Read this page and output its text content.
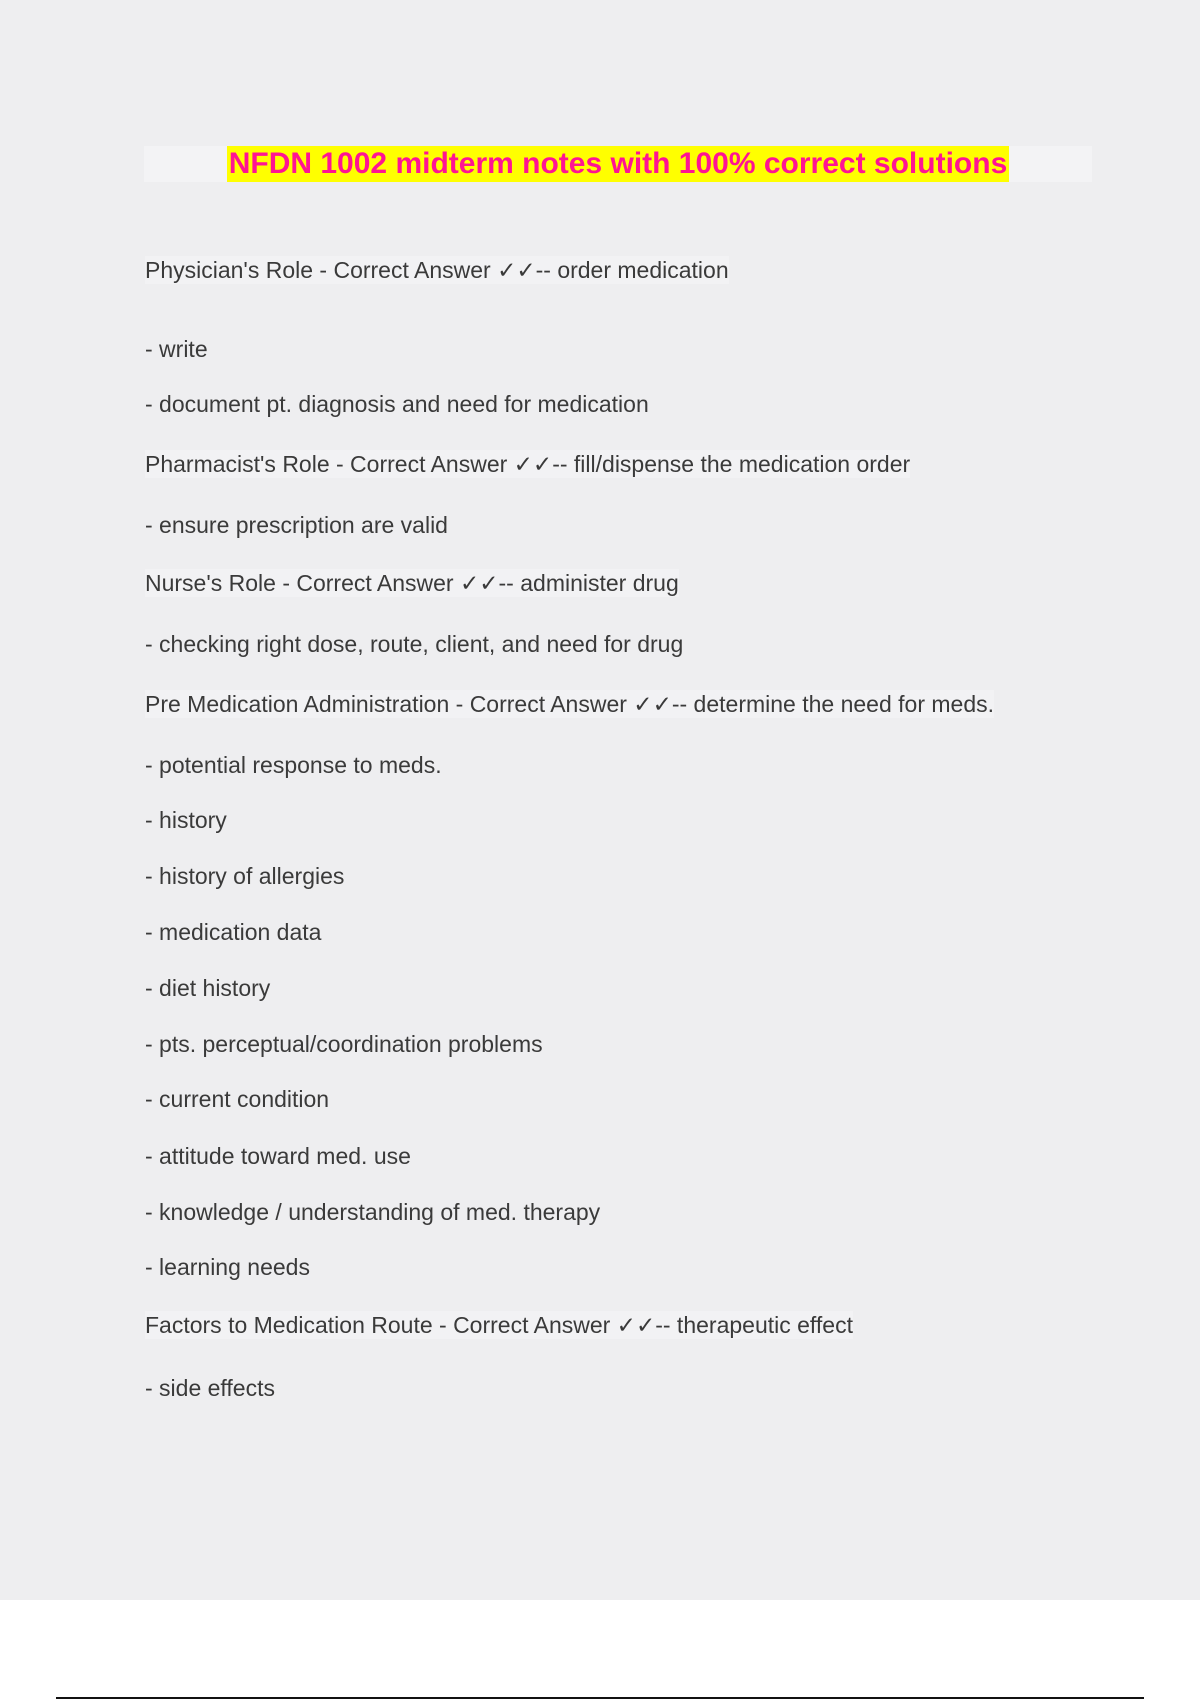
NFDN 1002 midterm notes with 100% correct solutions
Physician's Role - Correct Answer ✓✓-- order medication
- write
- document pt. diagnosis and need for medication
Pharmacist's Role - Correct Answer ✓✓-- fill/dispense the medication order
- ensure prescription are valid
Nurse's Role - Correct Answer ✓✓-- administer drug
- checking right dose, route, client, and need for drug
Pre Medication Administration - Correct Answer ✓✓-- determine the need for meds.
- potential response to meds.
- history
- history of allergies
- medication data
- diet history
- pts. perceptual/coordination problems
- current condition
- attitude toward med. use
- knowledge / understanding of med. therapy
- learning needs
Factors to Medication Route - Correct Answer ✓✓-- therapeutic effect
- side effects
